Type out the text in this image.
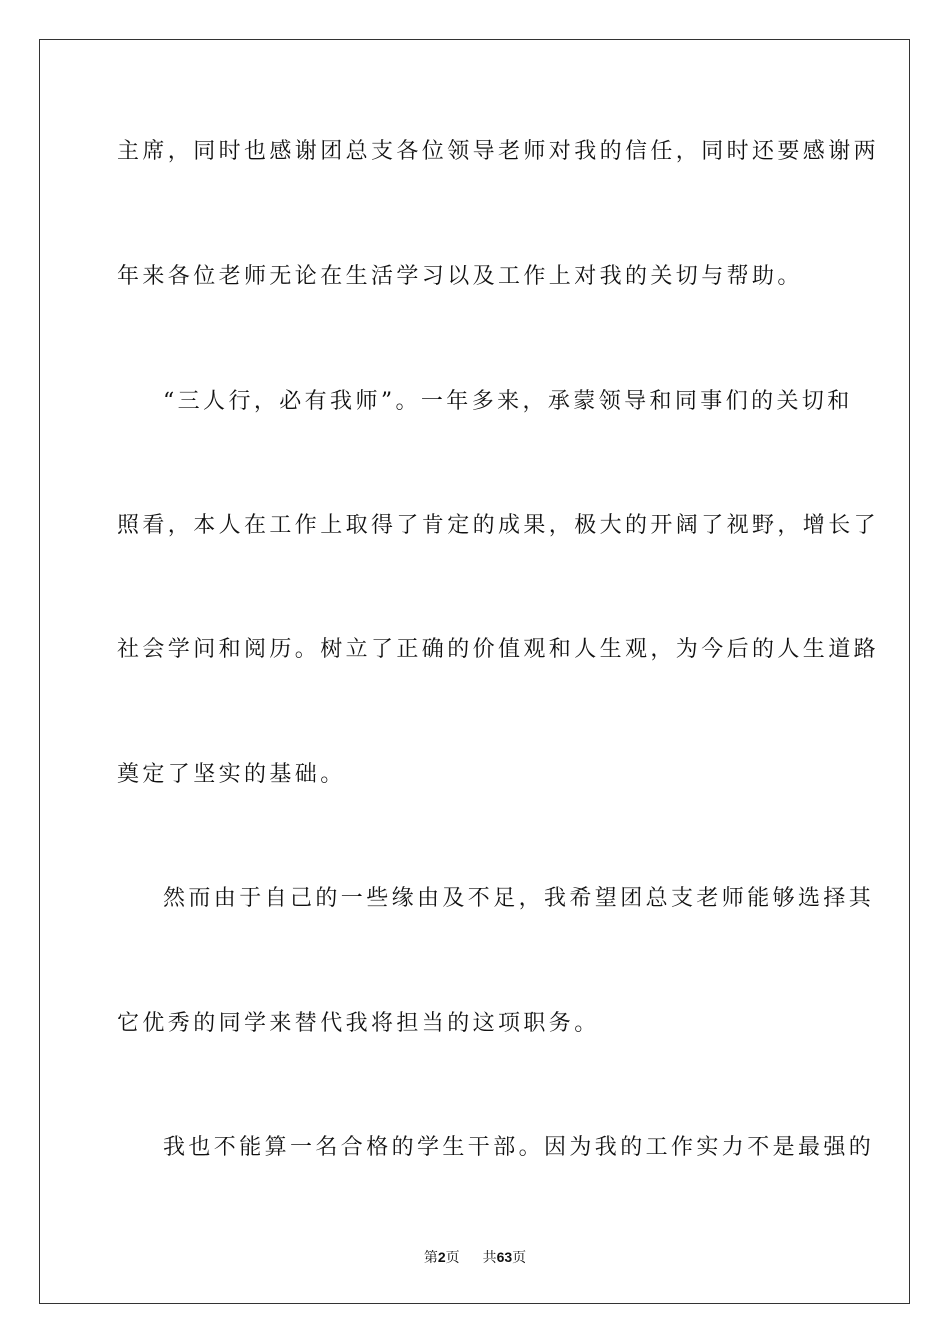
主席，同时也感谢团总支各位领导老师对我的信任，同时还要感谢两
年来各位老师无论在生活学习以及工作上对我的关切与帮助。
“三人行，必有我师”。一年多来，承蒙领导和同事们的关切和
照看，本人在工作上取得了肯定的成果，极大的开阔了视野，增长了
社会学问和阅历。树立了正确的价值观和人生观，为今后的人生道路
奠定了坚实的基础。
然而由于自己的一些缘由及不足，我希望团总支老师能够选择其
它优秀的同学来替代我将担当的这项职务。
我也不能算一名合格的学生干部。因为我的工作实力不是最强的
第2页 共63页
